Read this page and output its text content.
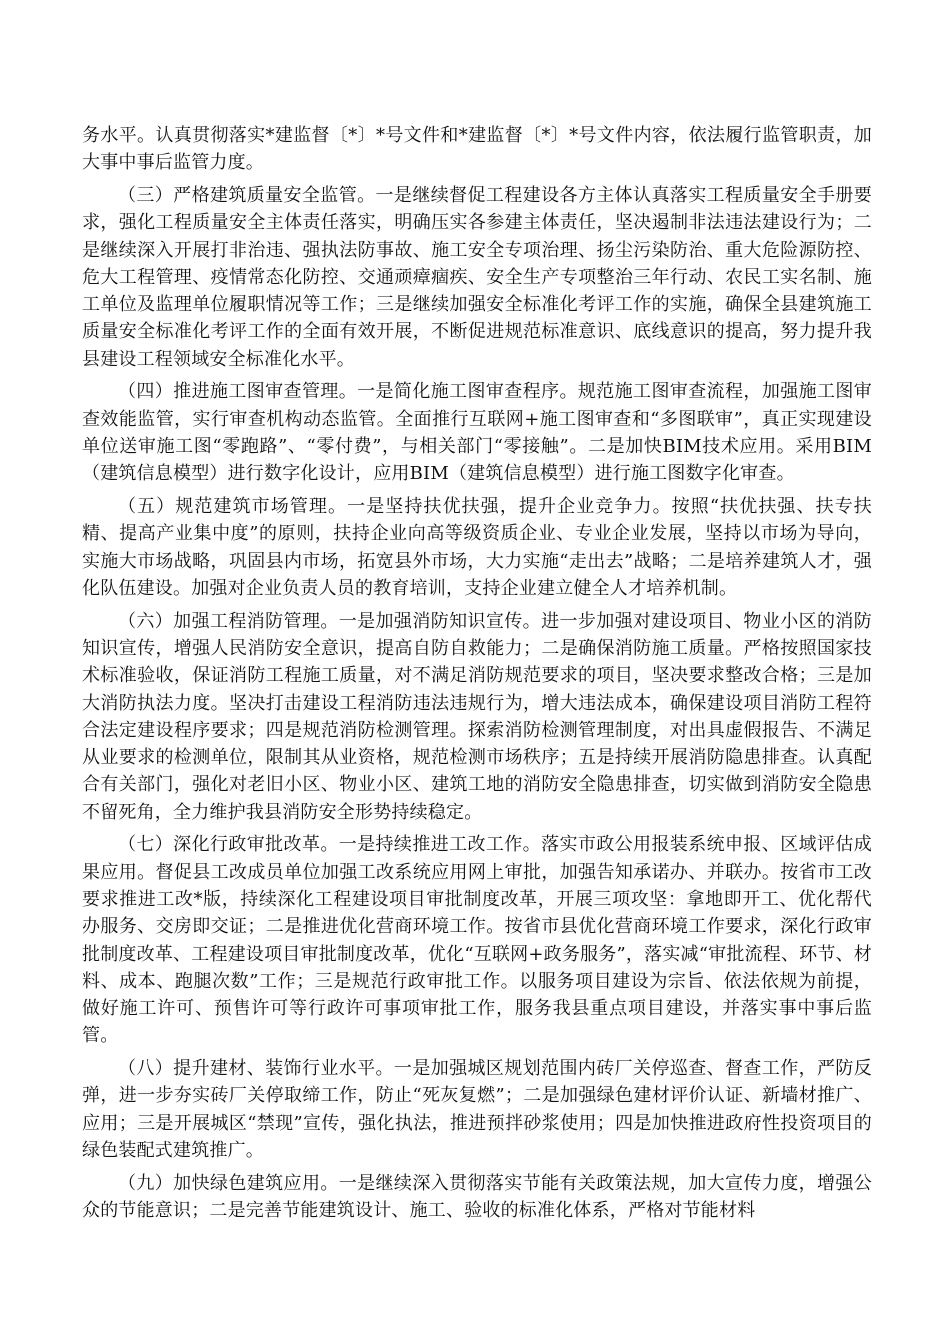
务水平。认真贯彻落实*建监督〔*〕*号文件和*建监督〔*〕*号文件内容，依法履行监管职责，加大事中事后监管力度。

（三）严格建筑质量安全监管。一是继续督促工程建设各方主体认真落实工程质量安全手册要求，强化工程质量安全主体责任落实，明确压实各参建主体责任，坚决遏制非法违法建设行为；二是继续深入开展打非治违、强执法防事故、施工安全专项治理、扬尘污染防治、重大危险源防控、危大工程管理、疫情常态化防控、交通顽瘴痼疾、安全生产专项整治三年行动、农民工实名制、施工单位及监理单位履职情况等工作；三是继续加强安全标准化考评工作的实施，确保全县建筑施工质量安全标准化考评工作的全面有效开展，不断促进规范标准意识、底线意识的提高，努力提升我县建设工程领域安全标准化水平。

（四）推进施工图审查管理。一是简化施工图审查程序。规范施工图审查流程，加强施工图审查效能监管，实行审查机构动态监管。全面推行互联网+施工图审查和“多图联审”，真正实现建设单位送审施工图“零跑路”、“零付费”，与相关部门“零接触”。二是加快BIM技术应用。采用BIM（建筑信息模型）进行数字化设计，应用BIM（建筑信息模型）进行施工图数字化审查。

（五）规范建筑市场管理。一是坚持扶优扶强，提升企业竞争力。按照“扶优扶强、扶专扶精、提高产业集中度”的原则，扶持企业向高等级资质企业、专业企业发展，坚持以市场为导向，实施大市场战略，巩固县内市场，拓宽县外市场，大力实施“走出去”战略；二是培养建筑人才，强化队伍建设。加强对企业负责人员的教育培训，支持企业建立健全人才培养机制。

（六）加强工程消防管理。一是加强消防知识宣传。进一步加强对建设项目、物业小区的消防知识宣传，增强人民消防安全意识，提高自防自救能力；二是确保消防施工质量。严格按照国家技术标准验收，保证消防工程施工质量，对不满足消防规范要求的项目，坚决要求整改合格；三是加大消防执法力度。坚决打击建设工程消防违法违规行为，增大违法成本，确保建设项目消防工程符合法定建设程序要求；四是规范消防检测管理。探索消防检测管理制度，对出具虚假报告、不满足从业要求的检测单位，限制其从业资格，规范检测市场秩序；五是持续开展消防隐患排查。认真配合有关部门，强化对老旧小区、物业小区、建筑工地的消防安全隐患排查，切实做到消防安全隐患不留死角，全力维护我县消防安全形势持续稳定。

（七）深化行政审批改革。一是持续推进工改工作。落实市政公用报装系统申报、区域评估成果应用。督促县工改成员单位加强工改系统应用网上审批，加强告知承诺办、并联办。按省市工改要求推进工改*版，持续深化工程建设项目审批制度改革，开展三项攻坚：拿地即开工、优化帮代办服务、交房即交证；二是推进优化营商环境工作。按省市县优化营商环境工作要求，深化行政审批制度改革、工程建设项目审批制度改革，优化“互联网+政务服务”，落实减“审批流程、环节、材料、成本、跑腿次数”工作；三是规范行政审批工作。以服务项目建设为宗旨、依法依规为前提，做好施工许可、预售许可等行政许可事项审批工作，服务我县重点项目建设，并落实事中事后监管。

（八）提升建材、装饰行业水平。一是加强城区规划范围内砖厂关停巡查、督查工作，严防反弹，进一步夯实砖厂关停取缔工作，防止“死灰复燃”；二是加强绿色建材评价认证、新墙材推广、应用；三是开展城区“禁现”宣传，强化执法，推进预拌砂浆使用；四是加快推进政府性投资项目的绿色装配式建筑推广。

（九）加快绿色建筑应用。一是继续深入贯彻落实节能有关政策法规，加大宣传力度，增强公众的节能意识；二是完善节能建筑设计、施工、验收的标准化体系，严格对节能材料
